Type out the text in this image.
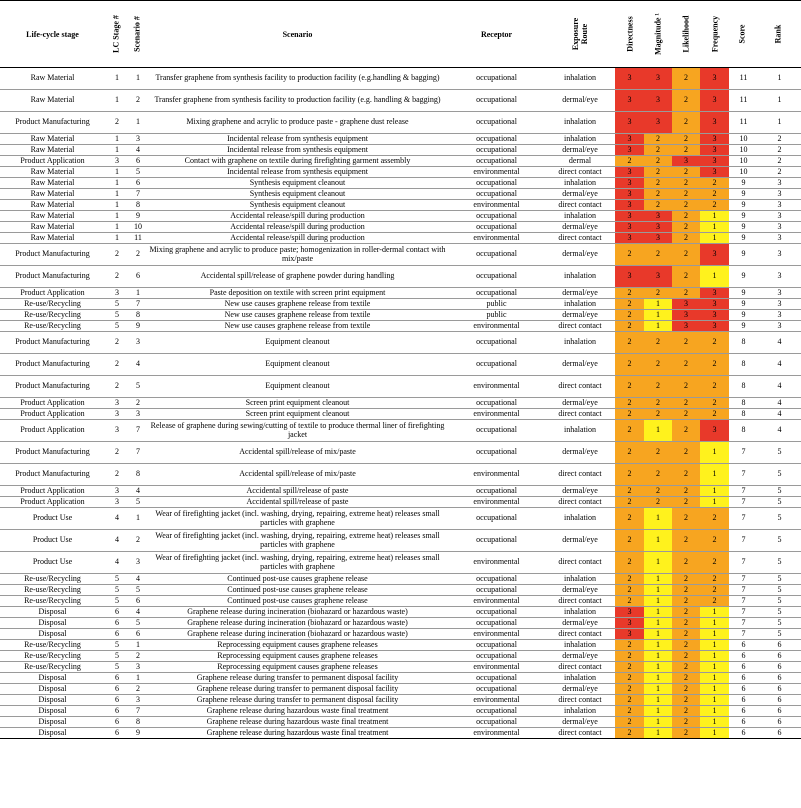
Life-cycle stage	LC Stage #	Scenario #	Scenario	Receptor	Exposure Route	Directness	Magnitude ¹	Likelihood	Frequency	Score	Rank

Raw Material	1	1	Transfer graphene from synthesis facility to production facility (e.g.handling & bagging)	occupational	inhalation	3	3	2	3	11	1
Raw Material	1	2	Transfer graphene from synthesis facility to production facility (e.g. handling & bagging)	occupational	dermal/eye	3	3	2	3	11	1
Product Manufacturing	2	1	Mixing graphene and acrylic to produce paste - graphene dust release	occupational	inhalation	3	3	2	3	11	1
Raw Material	1	3	Incidental release from synthesis equipment	occupational	inhalation	3	2	2	3	10	2
Raw Material	1	4	Incidental release from synthesis equipment	occupational	dermal/eye	3	2	2	3	10	2
Product Application	3	6	Contact with graphene on textile during firefighting garment assembly	occupational	dermal	2	2	3	3	10	2
Raw Material	1	5	Incidental release from synthesis equipment	environmental	direct contact	3	2	2	3	10	2
Raw Material	1	6	Synthesis equipment cleanout	occupational	inhalation	3	2	2	2	9	3
Raw Material	1	7	Synthesis equipment cleanout	occupational	dermal/eye	3	2	2	2	9	3
Raw Material	1	8	Synthesis equipment cleanout	environmental	direct contact	3	2	2	2	9	3
Raw Material	1	9	Accidental release/spill during production	occupational	inhalation	3	3	2	1	9	3
Raw Material	1	10	Accidental release/spill during production	occupational	dermal/eye	3	3	2	1	9	3
Raw Material	1	11	Accidental release/spill during production	environmental	direct contact	3	3	2	1	9	3
Product Manufacturing	2	2	Mixing graphene and acrylic to produce paste; homogenization in roller-dermal contact with mix/paste	occupational	dermal/eye	2	2	2	3	9	3
Product Manufacturing	2	6	Accidental spill/release of graphene powder during handling	occupational	inhalation	3	3	2	1	9	3
Product Application	3	1	Paste deposition on textile with screen print equipment	occupational	dermal/eye	2	2	2	3	9	3
Re-use/Recycling	5	7	New use causes graphene release from textile	public	inhalation	2	1	3	3	9	3
Re-use/Recycling	5	8	New use causes graphene release from textile	public	dermal/eye	2	1	3	3	9	3
Re-use/Recycling	5	9	New use causes graphene release from textile	environmental	direct contact	2	1	3	3	9	3
Product Manufacturing	2	3	Equipment cleanout	occupational	inhalation	2	2	2	2	8	4
Product Manufacturing	2	4	Equipment cleanout	occupational	dermal/eye	2	2	2	2	8	4
Product Manufacturing	2	5	Equipment cleanout	environmental	direct contact	2	2	2	2	8	4
Product Application	3	2	Screen print equipment cleanout	occupational	dermal/eye	2	2	2	2	8	4
Product Application	3	3	Screen print equipment cleanout	environmental	direct contact	2	2	2	2	8	4
Product Application	3	7	Release of graphene during sewing/cutting of textile to produce thermal liner of firefighting jacket	occupational	inhalation	2	1	2	3	8	4
Product Manufacturing	2	7	Accidental spill/release of mix/paste	occupational	dermal/eye	2	2	2	1	7	5
Product Manufacturing	2	8	Accidental spill/release of mix/paste	environmental	direct contact	2	2	2	1	7	5
Product Application	3	4	Accidental spill/release of paste	occupational	dermal/eye	2	2	2	1	7	5
Product Application	3	5	Accidental spill/release of paste	environmental	direct contact	2	2	2	1	7	5
Product Use	4	1	Wear of firefighting jacket (incl. washing, drying, repairing, extreme heat) releases small particles with graphene	occupational	inhalation	2	1	2	2	7	5
Product Use	4	2	Wear of firefighting jacket (incl. washing, drying, repairing, extreme heat) releases small particles with graphene	occupational	dermal/eye	2	1	2	2	7	5
Product Use	4	3	Wear of firefighting jacket (incl. washing, drying, repairing, extreme heat) releases small particles with graphene	environmental	direct contact	2	1	2	2	7	5
Re-use/Recycling	5	4	Continued post-use causes graphene release	occupational	inhalation	2	1	2	2	7	5
Re-use/Recycling	5	5	Continued post-use causes graphene release	occupational	dermal/eye	2	1	2	2	7	5
Re-use/Recycling	5	6	Continued post-use causes graphene release	environmental	direct contact	2	1	2	2	7	5
Disposal	6	4	Graphene release during incineration (biohazard or hazardous waste)	occupational	inhalation	3	1	2	1	7	5
Disposal	6	5	Graphene release during incineration (biohazard or hazardous waste)	occupational	dermal/eye	3	1	2	1	7	5
Disposal	6	6	Graphene release during incineration (biohazard or hazardous waste)	environmental	direct contact	3	1	2	1	7	5
Re-use/Recycling	5	1	Reprocessing equipment causes graphene releases	occupational	inhalation	2	1	2	1	6	6
Re-use/Recycling	5	2	Reprocessing equipment causes graphene releases	occupational	dermal/eye	2	1	2	1	6	6
Re-use/Recycling	5	3	Reprocessing equipment causes graphene releases	environmental	direct contact	2	1	2	1	6	6
Disposal	6	1	Graphene release during transfer to permanent disposal facility	occupational	inhalation	2	1	2	1	6	6
Disposal	6	2	Graphene release during transfer to permanent disposal facility	occupational	dermal/eye	2	1	2	1	6	6
Disposal	6	3	Graphene release during transfer to permanent disposal facility	environmental	direct contact	2	1	2	1	6	6
Disposal	6	7	Graphene release during hazardous waste final treatment	occupational	inhalation	2	1	2	1	6	6
Disposal	6	8	Graphene release during hazardous waste final treatment	occupational	dermal/eye	2	1	2	1	6	6
Disposal	6	9	Graphene release during hazardous waste final treatment	environmental	direct contact	2	1	2	1	6	6
